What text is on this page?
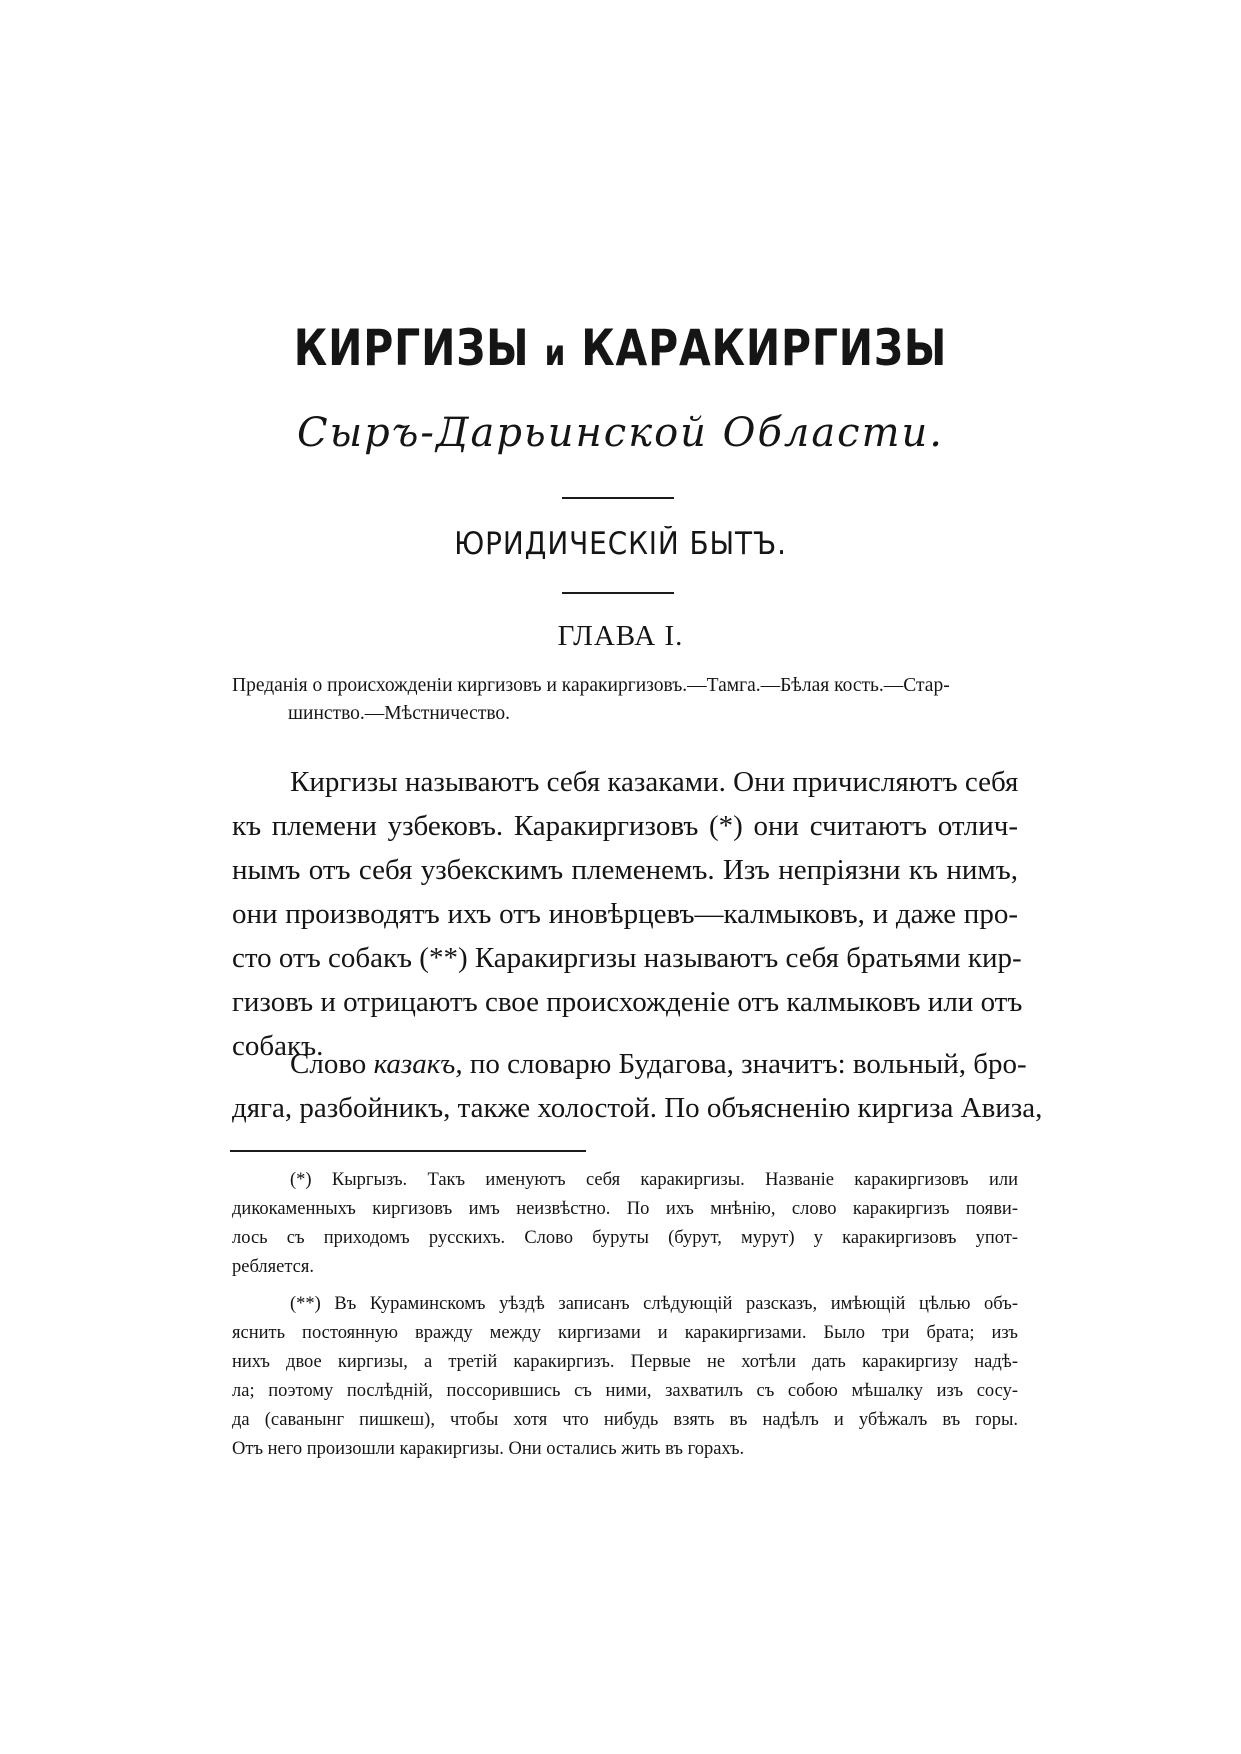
КИРГИЗЫ и КАРАКИРГИЗЫ
Сыръ-Дарьинской Области.
ЮРИДИЧЕСКІЙ БЫТЪ.
ГЛАВА I.
Преданія о происхожденіи киргизовъ и каракиргизовъ.—Тамга.—Бѣлая кость.—Стар-
шинство.—Мѣстничество.
Киргизы называютъ себя казаками. Они причисляютъ себя
къ племени узбековъ. Каракиргизовъ (*) они считаютъ отлич-
нымъ отъ себя узбекскимъ племенемъ. Изъ непріязни къ нимъ,
они производятъ ихъ отъ иновѣрцевъ—калмыковъ, и даже про-
сто отъ собакъ (**) Каракиргизы называютъ себя братьями кир-
гизовъ и отрицаютъ свое происхожденіе отъ калмыковъ или отъ
собакъ.
Слово казакъ, по словарю Будагова, значитъ: вольный, бро-
дяга, разбойникъ, также холостой. По объясненію киргиза Авиза,
(*) Кыргызъ. Такъ именуютъ себя каракиргизы. Названіе каракиргизовъ или
дикокаменныхъ киргизовъ имъ неизвѣстно. По ихъ мнѣнію, слово каракиргизъ появи-
лось съ приходомъ русскихъ. Слово буруты (бурут, мурут) у каракиргизовъ упот-
ребляется.
(**) Въ Кураминскомъ уѣздѣ записанъ слѣдующій разсказъ, имѣющій цѣлью объ-
яснить постоянную вражду между киргизами и каракиргизами. Было три брата; изъ
нихъ двое киргизы, а третій каракиргизъ. Первые не хотѣли дать каракиргизу надѣ-
ла; поэтому послѣдній, поссорившись съ ними, захватилъ съ собою мѣшалку изъ сосу-
да (саванынг пишкеш), чтобы хотя что нибудь взять въ надѣлъ и убѣжалъ въ горы.
Отъ него произошли каракиргизы. Они остались жить въ горахъ.
